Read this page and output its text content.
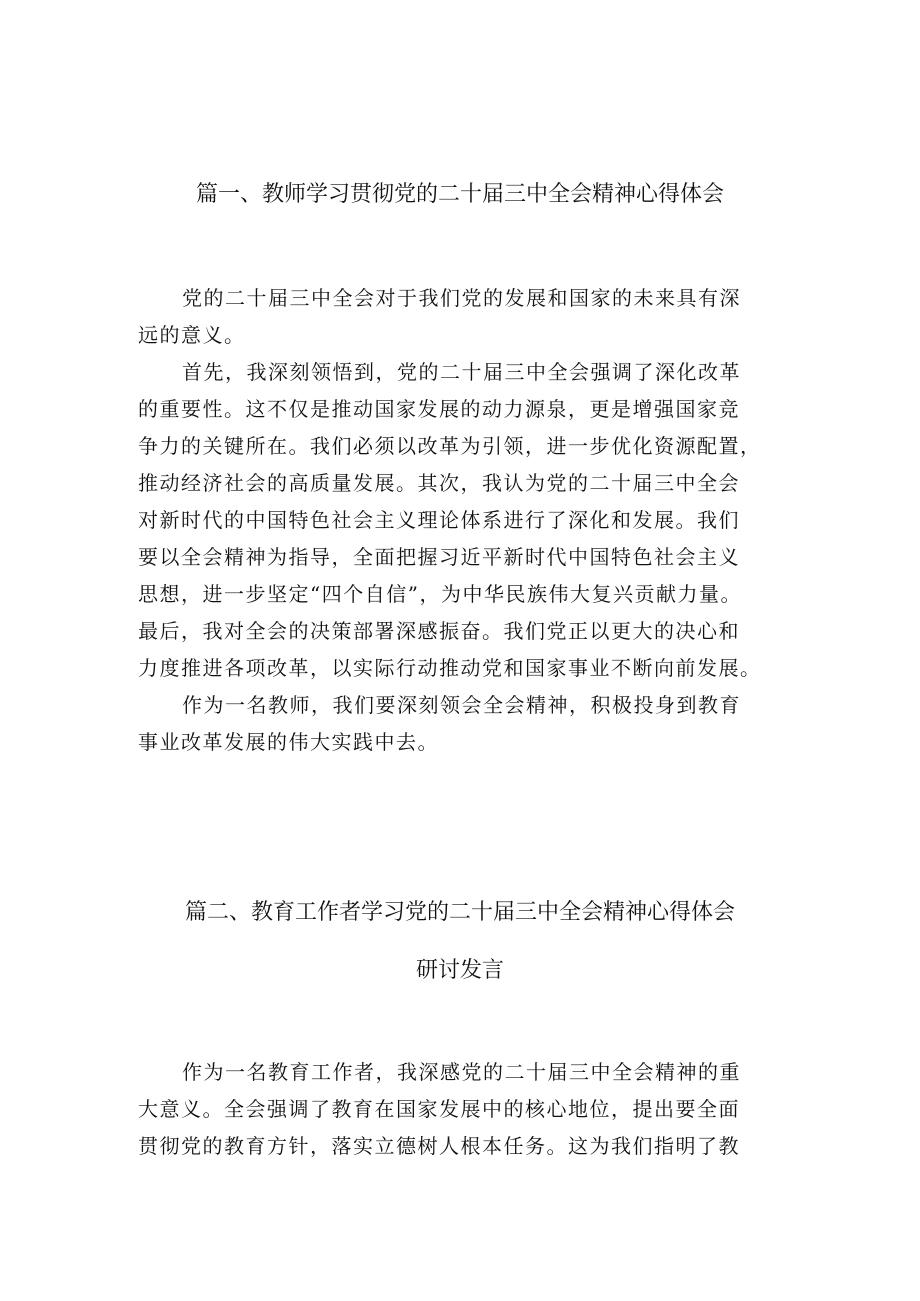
篇一、教师学习贯彻党的二十届三中全会精神心得体会

党的二十届三中全会对于我们党的发展和国家的未来具有深
远的意义。

首先，我深刻领悟到，党的二十届三中全会强调了深化改革
的重要性。这不仅是推动国家发展的动力源泉，更是增强国家竞
争力的关键所在。我们必须以改革为引领，进一步优化资源配置，
推动经济社会的高质量发展。其次，我认为党的二十届三中全会
对新时代的中国特色社会主义理论体系进行了深化和发展。我们
要以全会精神为指导，全面把握习近平新时代中国特色社会主义
思想，进一步坚定“四个自信”，为中华民族伟大复兴贡献力量。
最后，我对全会的决策部署深感振奋。我们党正以更大的决心和
力度推进各项改革，以实际行动推动党和国家事业不断向前发展。

作为一名教师，我们要深刻领会全会精神，积极投身到教育
事业改革发展的伟大实践中去。

篇二、教育工作者学习党的二十届三中全会精神心得体会
研讨发言

作为一名教育工作者，我深感党的二十届三中全会精神的重
大意义。全会强调了教育在国家发展中的核心地位，提出要全面
贯彻党的教育方针，落实立德树人根本任务。这为我们指明了教
